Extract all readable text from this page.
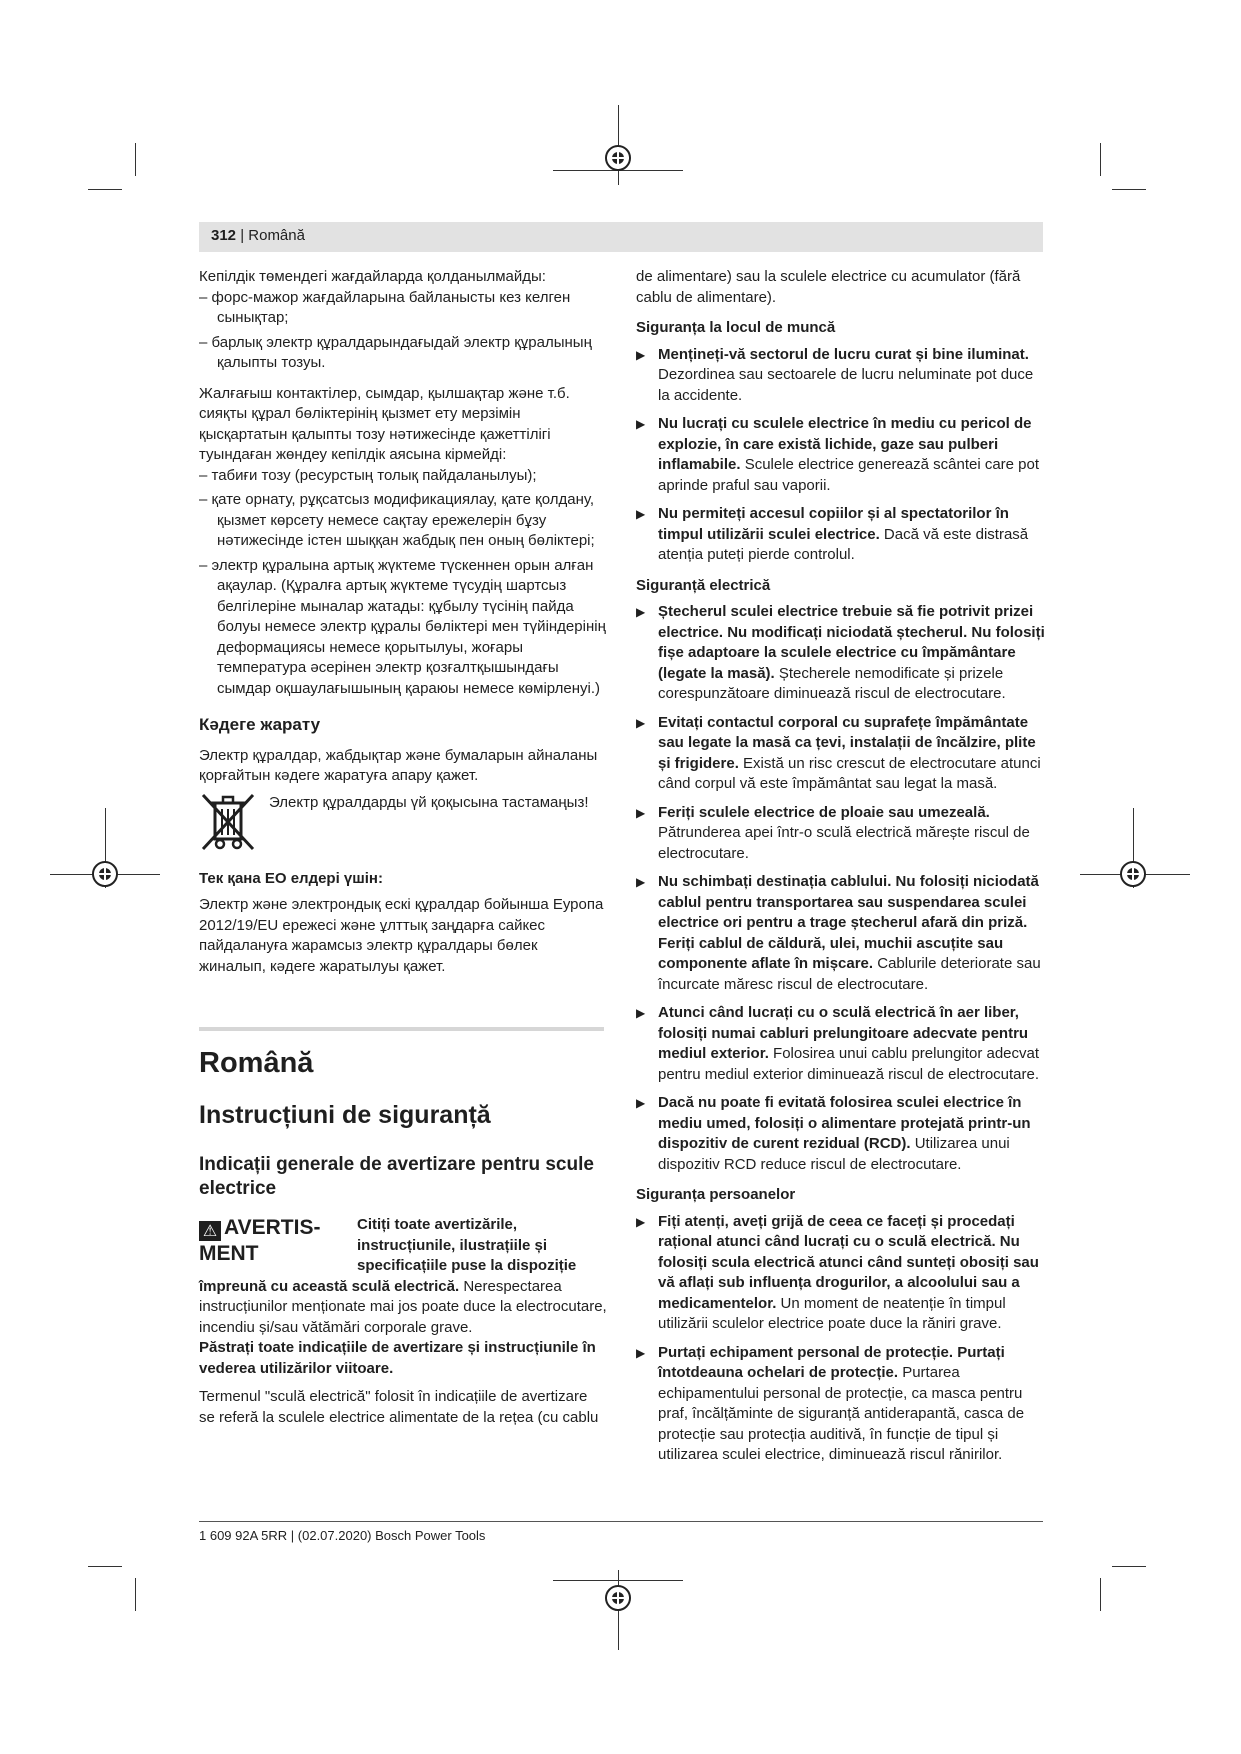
312 | Română

Кепілдік төмендегі жағдайларда қолданылмайды:

– форс-мажор жағдайларына байланысты кез келген сынықтар;

– барлық электр құралдарындағыдай электр құралының қалыпты тозуы.

Жалғағыш контактілер, сымдар, қылшақтар және т.б. сияқты құрал бөліктерінің қызмет ету мерзімін қысқартатын қалыпты тозу нәтижесінде қажеттілігі туындаған жөндеу кепілдік аясына кірмейді:

– табиғи тозу (ресурстың толық пайдаланылуы);

– қате орнату, рұқсатсыз модификациялау, қате қолдану, қызмет көрсету немесе сақтау ережелерін бұзу нәтижесінде істен шыққан жабдық пен оның бөліктері;

– электр құралына артық жүктеме түскеннен орын алған ақаулар. (Құралға артық жүктеме түсудің шартсыз белгілеріне мыналар жатады: құбылу түсінің пайда болуы немесе электр құралы бөліктері мен түйіндерінің деформациясы немесе қорытылуы, жоғары температура әсерінен электр қозғалтқышындағы сымдар оқшаулағышының қараюы немесе көмірленуі.)

Кәдеге жарату

Электр құралдар, жабдықтар және бумаларын айналаны қорғайтын кәдеге жаратуға апару қажет.

Электр құралдарды үй қоқысына тастамаңыз!
Тек қана ЕО елдері үшін:

Электр және электрондық ескі құралдар бойынша Еуропа 2012/19/EU ережесі және ұлттық заңдарға сайкес пайдалануға жарамсыз электр құралдары бөлек жиналып, кәдеге жаратылуы қажет.

Română
Instrucțiuni de siguranță
Indicații generale de avertizare pentru scule electrice
⚠ AVERTIS-
MENT
Citiți toate avertizările, instrucțiunile, ilustrațiile și specificațiile puse la dispoziție

împreună cu această sculă electrică. Nerespectarea instrucțiunilor menționate mai jos poate duce la electrocutare, incendiu și/sau vătămări corporale grave.

Păstrați toate indicațiile de avertizare și instrucțiunile în vederea utilizărilor viitoare.

Termenul "sculă electrică" folosit în indicațiile de avertizare se referă la sculele electrice alimentate de la rețea (cu cablu

de alimentare) sau la sculele electrice cu acumulator (fără cablu de alimentare).

Siguranța la locul de muncă
▶ Mențineți-vă sectorul de lucru curat și bine iluminat. Dezordinea sau sectoarele de lucru neluminate pot duce la accidente.
▶ Nu lucrați cu sculele electrice în mediu cu pericol de explozie, în care există lichide, gaze sau pulberi inflamabile. Sculele electrice generează scântei care pot aprinde praful sau vaporii.
▶ Nu permiteți accesul copiilor și al spectatorilor în timpul utilizării sculei electrice. Dacă vă este distrasă atenția puteți pierde controlul.
Siguranță electrică
▶ Ștecherul sculei electrice trebuie să fie potrivit prizei electrice. Nu modificați niciodată ștecherul. Nu folosiți fișe adaptoare la sculele electrice cu împământare (legate la masă). Ștecherele nemodificate și prizele corespunzătoare diminuează riscul de electrocutare.
▶ Evitați contactul corporal cu suprafețe împământate sau legate la masă ca țevi, instalații de încălzire, plite și frigidere. Există un risc crescut de electrocutare atunci când corpul vă este împământat sau legat la masă.
▶ Feriți sculele electrice de ploaie sau umezeală. Pătrunderea apei într-o sculă electrică mărește riscul de electrocutare.
▶ Nu schimbați destinația cablului. Nu folosiți niciodată cablul pentru transportarea sau suspendarea sculei electrice ori pentru a trage ștecherul afară din priză. Feriți cablul de căldură, ulei, muchii ascuțite sau componente aflate în mișcare. Cablurile deteriorate sau încurcate măresc riscul de electrocutare.
▶ Atunci când lucrați cu o sculă electrică în aer liber, folosiți numai cabluri prelungitoare adecvate pentru mediul exterior. Folosirea unui cablu prelungitor adecvat pentru mediul exterior diminuează riscul de electrocutare.
▶ Dacă nu poate fi evitată folosirea sculei electrice în mediu umed, folosiți o alimentare protejată printr-un dispozitiv de curent rezidual (RCD). Utilizarea unui dispozitiv RCD reduce riscul de electrocutare.
Siguranța persoanelor
▶ Fiți atenți, aveți grijă de ceea ce faceți și procedați rațional atunci când lucrați cu o sculă electrică. Nu folosiți scula electrică atunci când sunteți obosiți sau vă aflați sub influența drogurilor, a alcoolului sau a medicamentelor. Un moment de neatenție în timpul utilizării sculelor electrice poate duce la răniri grave.
▶ Purtați echipament personal de protecție. Purtați întotdeauna ochelari de protecție. Purtarea echipamentului personal de protecție, ca masca pentru praf, încălțăminte de siguranță antiderapantă, casca de protecție sau protecția auditivă, în funcție de tipul și utilizarea sculei electrice, diminuează riscul rănirilor.
1 609 92A 5RR | (02.07.2020) Bosch Power Tools
